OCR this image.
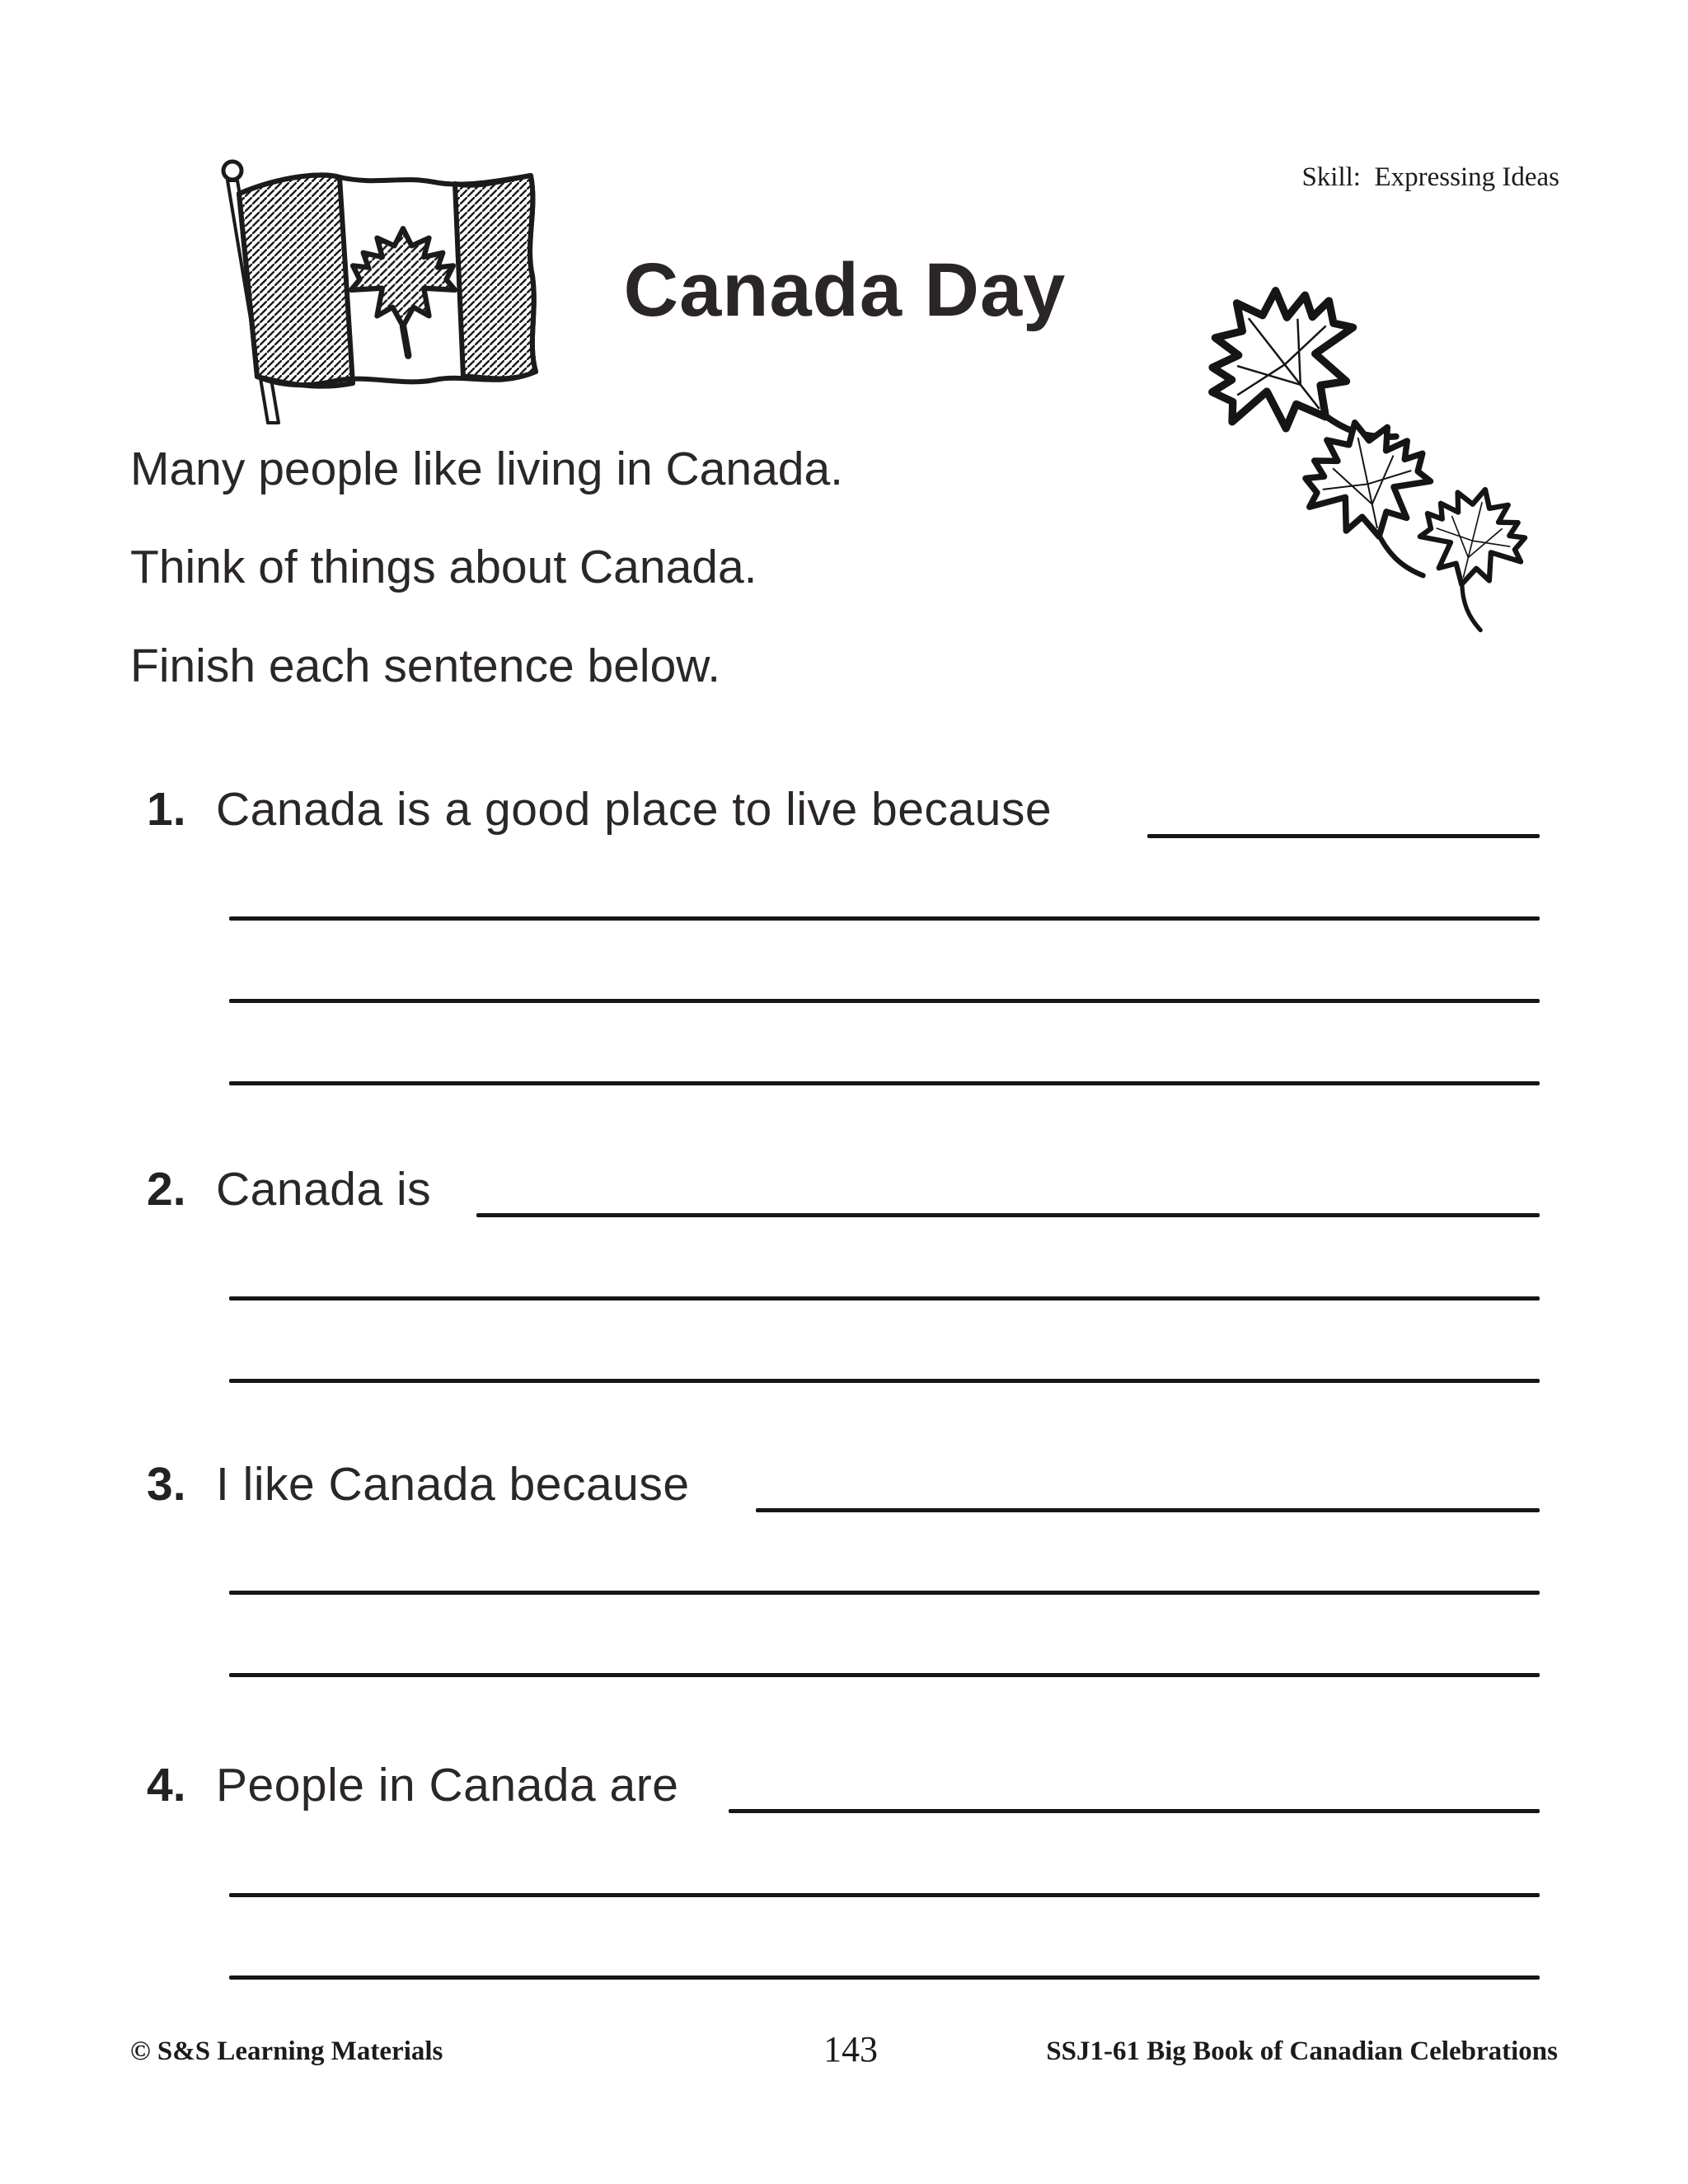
Skill:  Expressing Ideas
Canada Day
Many people like living in Canada.
Think of things about Canada.
Finish each sentence below.
1. Canada is a good place to live because
2. Canada is
3. I like Canada because
4. People in Canada are
© S&S Learning Materials	143	SSJ1-61 Big Book of Canadian Celebrations
